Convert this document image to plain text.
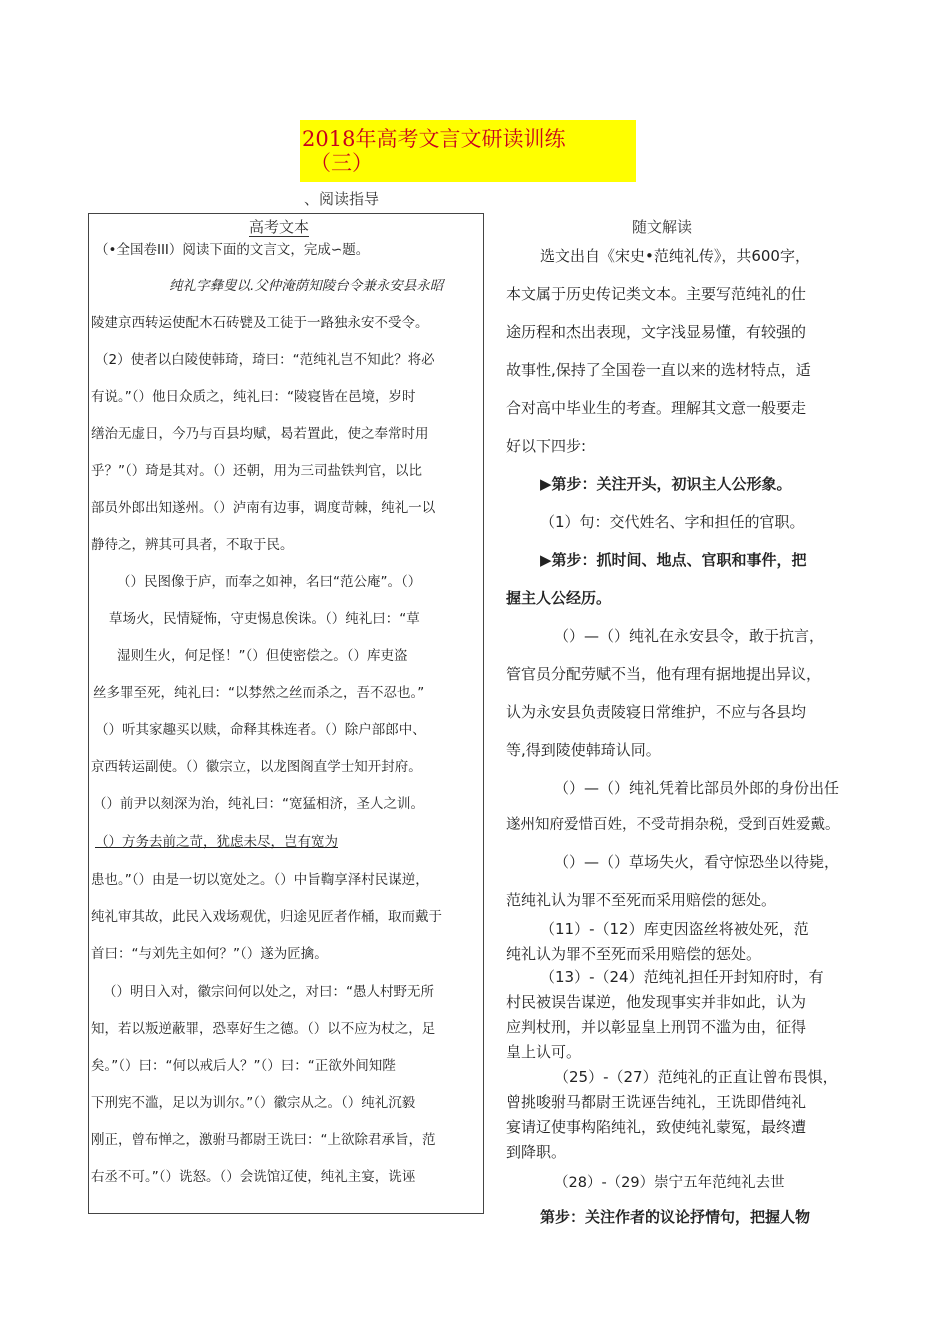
2018年高考文言文研读训练
（三）
、阅读指导
高考文本
（•全国卷III）阅读下面的文言文，完成∽题。
纯礼字彝叟以.父仲淹荫知陵台令兼永安县永昭
陵建京西转运使配木石砖甓及工徒于一路独永安不受令。
（2）使者以白陵使韩琦，琦曰：“范纯礼岂不知此？将必
有说。”（）他日众质之，纯礼曰：“陵寝皆在邑境，岁时
缮治无虚日，今乃与百县均赋，曷若置此，使之奉常时用
乎？”（）琦是其对。（）还朝，用为三司盐铁判官，以比
部员外郎出知遂州。（）泸南有边事，调度苛棘，纯礼一以
静待之，辨其可具者，不取于民。
（）民图像于庐，而奉之如神，名曰“范公庵”。（）
草场火，民情疑怖，守吏惕息俟诛。（）纯礼曰：“草
湿则生火，何足怪！”（）但使密偿之。（）库吏盗
丝多罪至死，纯礼曰：“以棼然之丝而杀之，吾不忍也。”
（）听其家趣买以赎，命释其株连者。（）除户部郎中、
京西转运副使。（）徽宗立，以龙图阁直学士知开封府。
（）前尹以刻深为治，纯礼曰：“宽猛相济，圣人之训。
（）方务去前之苛，犹虑未尽，岂有宽为
患也。”（）由是一切以宽处之。（）中旨鞫享泽村民谋逆，
纯礼审其故，此民入戏场观优，归途见匠者作桶，取而戴于
首曰：“与刘先主如何？”（）遂为匠擒。
（）明日入对，徽宗问何以处之，对曰：“愚人村野无所
知，若以叛逆蔽罪，恐辜好生之德。（）以不应为杖之，足
矣。”（）曰：“何以戒后人？”（）曰：“正欲外间知陛
下刑宪不滥，足以为训尔。”（）徽宗从之。（）纯礼沉毅
刚正，曾布惮之，激驸马都尉王诜曰：“上欲除君承旨，范
右丞不可。”（）诜怒。（）会诜馆辽使，纯礼主宴，诜诬
随文解读
选文出自《宋史•范纯礼传》，共600字，
本文属于历史传记类文本。主要写范纯礼的仕
途历程和杰出表现，文字浅显易懂，有较强的
故事性,保持了全国卷一直以来的选材特点，适
合对高中毕业生的考查。理解其文意一般要走
好以下四步:
▶第步：关注开头，初识主人公形象。
（1）句：交代姓名、字和担任的官职。
▶第步：抓时间、地点、官职和事件，把
握主人公经历。
（）—（）纯礼在永安县令，敢于抗言，
管官员分配劳赋不当，他有理有据地提出异议，
认为永安县负责陵寝日常维护，不应与各县均
等,得到陵使韩琦认同。
（）—（）纯礼凭着比部员外郎的身份出任
遂州知府爱惜百姓，不受苛捐杂税，受到百姓爱戴。
（）—（）草场失火，看守惊恐坐以待毙，
范纯礼认为罪不至死而采用赔偿的惩处。
（11）-（12）库吏因盗丝将被处死，范
纯礼认为罪不至死而采用赔偿的惩处。
（13）-（24）范纯礼担任开封知府时，有
村民被误告谋逆，他发现事实并非如此，认为
应判杖刑，并以彰显皇上刑罚不滥为由，征得
皇上认可。
（25）-（27）范纯礼的正直让曾布畏惧，
曾挑唆驸马都尉王诜诬告纯礼，王诜即借纯礼
宴请辽使事构陷纯礼，致使纯礼蒙冤，最终遭
到降职。
（28）-（29）崇宁五年范纯礼去世
第步：关注作者的议论抒情句，把握人物
